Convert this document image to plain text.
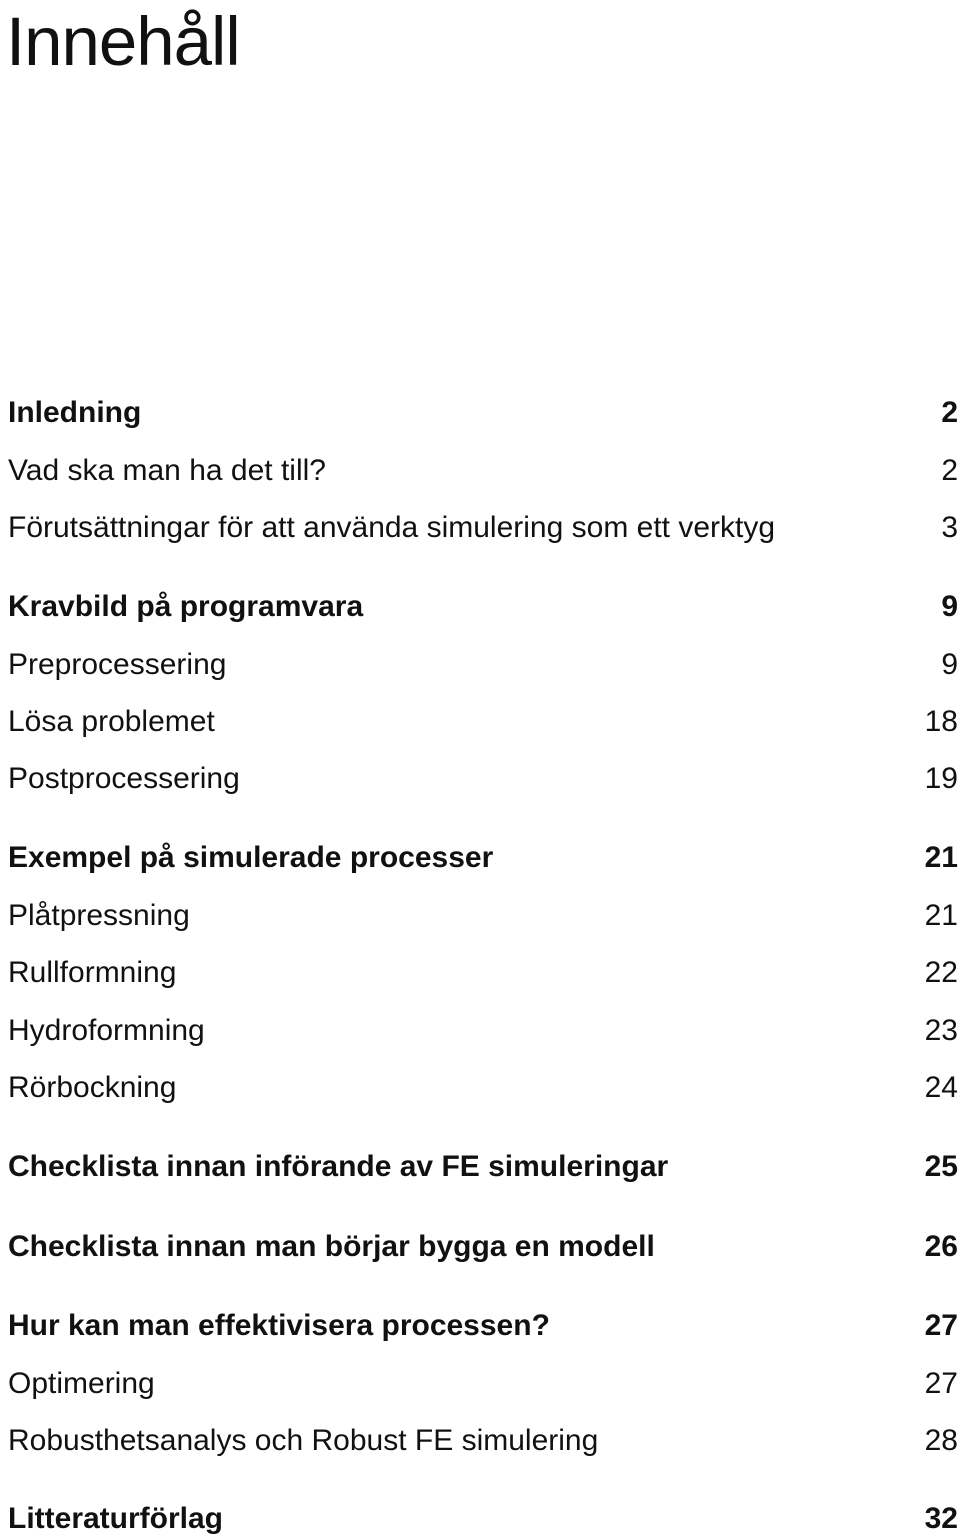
Innehåll
Inledning	2
Vad ska man ha det till?	2
Förutsättningar för att använda simulering som ett verktyg	3
Kravbild på programvara	9
Preprocessering	9
Lösa problemet	18
Postprocessering	19
Exempel på simulerade processer	21
Plåtpressning	21
Rullformning	22
Hydroformning	23
Rörbockning	24
Checklista innan införande av FE simuleringar	25
Checklista innan man börjar bygga en modell	26
Hur kan man effektivisera processen?	27
Optimering	27
Robusthetsanalys och Robust FE simulering	28
Litteraturförlag	32
